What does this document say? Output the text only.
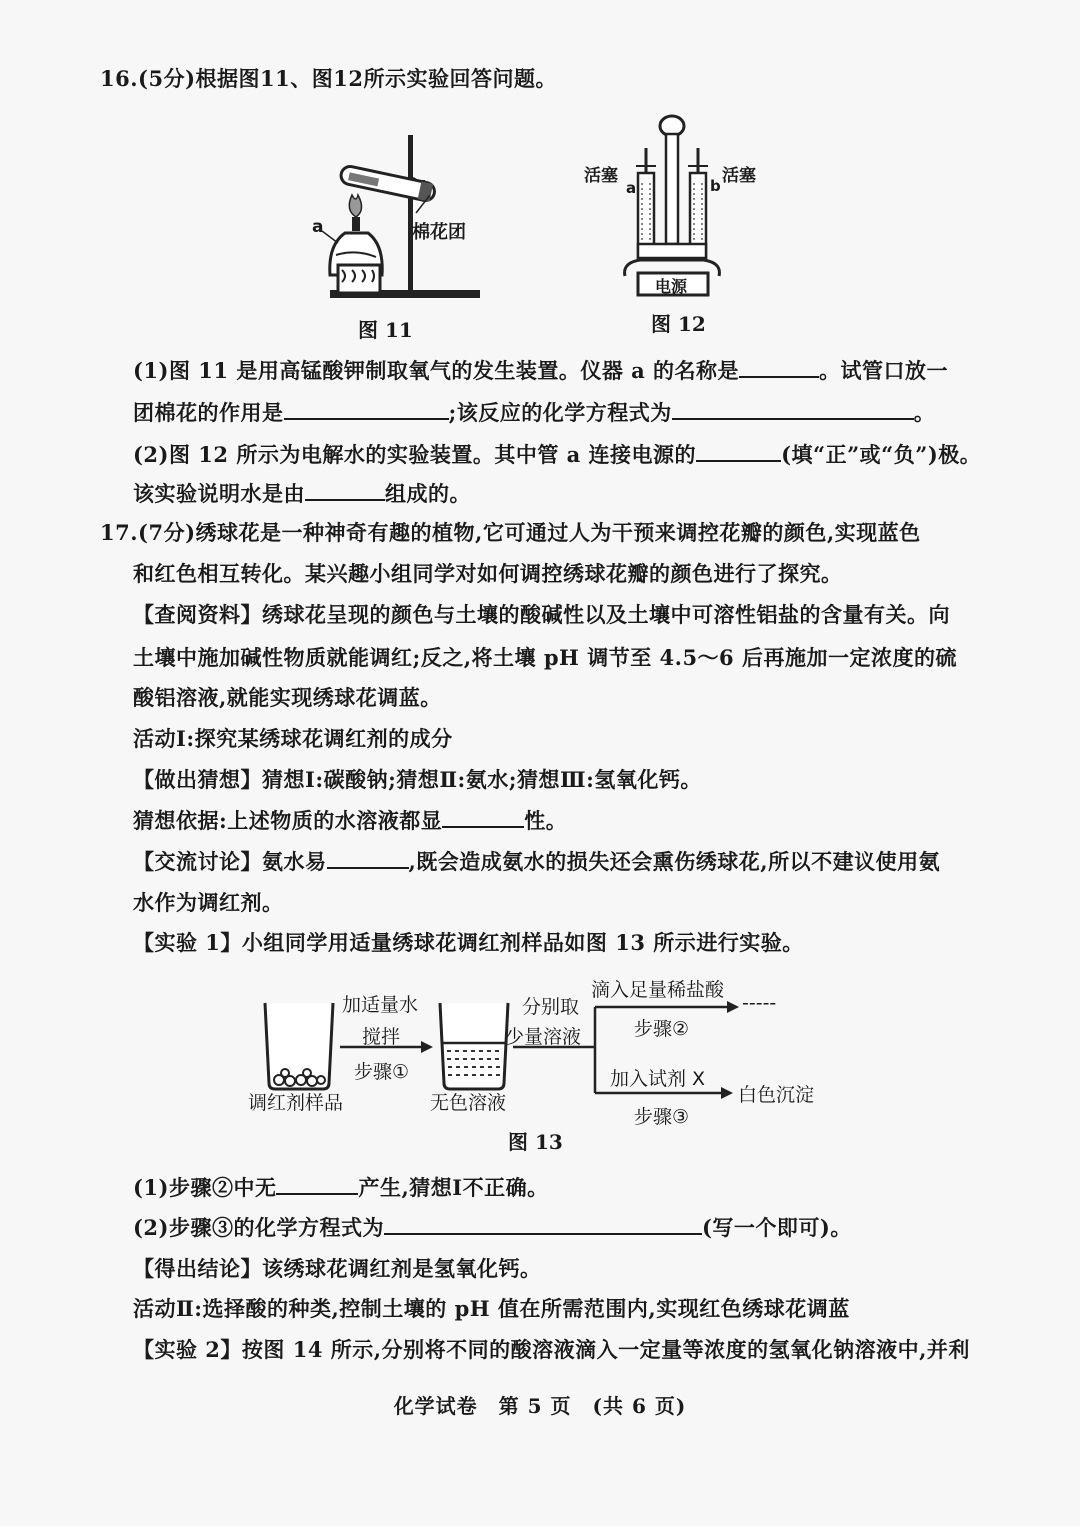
16.(5分)根据图11、图12所示实验回答问题。
a	棉花团
图 11
活塞	活塞
a	b
电源
图 12
(1)图 11 是用高锰酸钾制取氧气的发生装置。仪器 a 的名称是	。试管口放一
团棉花的作用是	;该反应的化学方程式为	。
(2)图 12 所示为电解水的实验装置。其中管 a 连接电源的	(填“正”或“负”)极。
该实验说明水是由	组成的。
17.(7分)绣球花是一种神奇有趣的植物,它可通过人为干预来调控花瓣的颜色,实现蓝色
和红色相互转化。某兴趣小组同学对如何调控绣球花瓣的颜色进行了探究。
【查阅资料】绣球花呈现的颜色与土壤的酸碱性以及土壤中可溶性铝盐的含量有关。向
土壤中施加碱性物质就能调红;反之,将土壤 pH 调节至 4.5～6 后再施加一定浓度的硫
酸铝溶液,就能实现绣球花调蓝。
活动Ⅰ:探究某绣球花调红剂的成分
【做出猜想】猜想Ⅰ:碳酸钠;猜想Ⅱ:氨水;猜想Ⅲ:氢氧化钙。
猜想依据:上述物质的水溶液都显	性。
【交流讨论】氨水易	,既会造成氨水的损失还会熏伤绣球花,所以不建议使用氨
水作为调红剂。
【实验 1】小组同学用适量绣球花调红剂样品如图 13 所示进行实验。
加适量水
搅拌
步骤①
调红剂样品	无色溶液
分别取
少量溶液
滴入足量稀盐酸
步骤②
-----
加入试剂 X
步骤③
白色沉淀
图 13
(1)步骤②中无	产生,猜想Ⅰ不正确。
(2)步骤③的化学方程式为	(写一个即可)。
【得出结论】该绣球花调红剂是氢氧化钙。
活动Ⅱ:选择酸的种类,控制土壤的 pH 值在所需范围内,实现红色绣球花调蓝
【实验 2】按图 14 所示,分别将不同的酸溶液滴入一定量等浓度的氢氧化钠溶液中,并利
化学试卷　第 5 页　(共 6 页)
